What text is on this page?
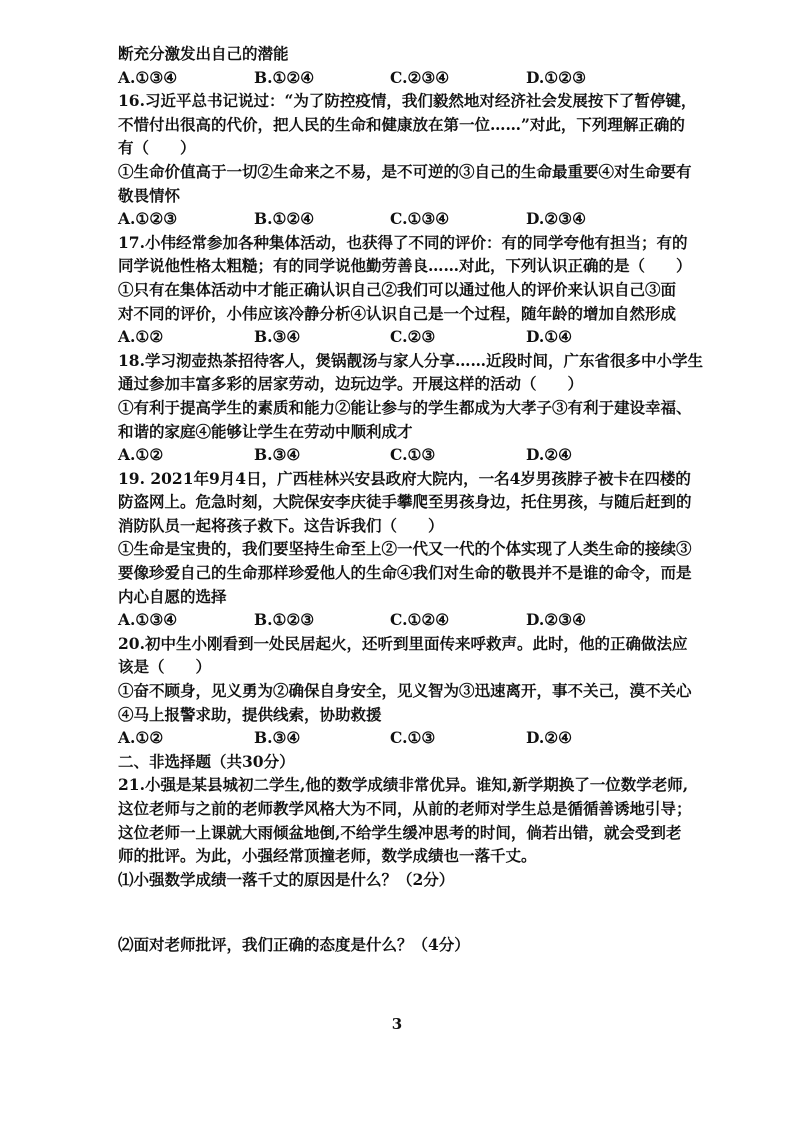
断充分激发出自己的潜能
A.①③④	B.①②④	C.②③④	D.①②③
16.习近平总书记说过：“为了防控疫情，我们毅然地对经济社会发展按下了暂停键，
不惜付出很高的代价，把人民的生命和健康放在第一位……”对此，下列理解正确的
有（　　）
①生命价值高于一切②生命来之不易，是不可逆的③自己的生命最重要④对生命要有
敬畏情怀
A.①②③	B.①②④	C.①③④	D.②③④
17.小伟经常参加各种集体活动，也获得了不同的评价：有的同学夸他有担当；有的
同学说他性格太粗糙；有的同学说他勤劳善良……对此，下列认识正确的是（　　）
①只有在集体活动中才能正确认识自己②我们可以通过他人的评价来认识自己③面
对不同的评价，小伟应该冷静分析④认识自己是一个过程，随年龄的增加自然形成
A.①②	B.③④	C.②③	D.①④
18.学习沏壶热茶招待客人，煲锅靓汤与家人分享……近段时间，广东省很多中小学生
通过参加丰富多彩的居家劳动，边玩边学。开展这样的活动（　　）
①有利于提高学生的素质和能力②能让参与的学生都成为大孝子③有利于建设幸福、
和谐的家庭④能够让学生在劳动中顺利成才
A.①②	B.③④	C.①③	D.②④
19. 2021年9月4日，广西桂林兴安县政府大院内，一名4岁男孩脖子被卡在四楼的
防盗网上。危急时刻，大院保安李庆徒手攀爬至男孩身边，托住男孩，与随后赶到的
消防队员一起将孩子救下。这告诉我们（　　）
①生命是宝贵的，我们要坚持生命至上②一代又一代的个体实现了人类生命的接续③
要像珍爱自己的生命那样珍爱他人的生命④我们对生命的敬畏并不是谁的命令，而是
内心自愿的选择
A.①③④	B.①②③	C.①②④	D.②③④
20.初中生小刚看到一处民居起火，还听到里面传来呼救声。此时，他的正确做法应
该是（　　）
①奋不顾身，见义勇为②确保自身安全，见义智为③迅速离开，事不关己，漠不关心
④马上报警求助，提供线索，协助救援
A.①②	B.③④	C.①③	D.②④
二、非选择题（共30分）
21.小强是某县城初二学生,他的数学成绩非常优异。谁知,新学期换了一位数学老师,
这位老师与之前的老师教学风格大为不同，从前的老师对学生总是循循善诱地引导；
这位老师一上课就大雨倾盆地倒,不给学生缓冲思考的时间，倘若出错，就会受到老
师的批评。为此，小强经常顶撞老师，数学成绩也一落千丈。
⑴小强数学成绩一落千丈的原因是什么？（2分）
⑵面对老师批评，我们正确的态度是什么？（4分）
3
